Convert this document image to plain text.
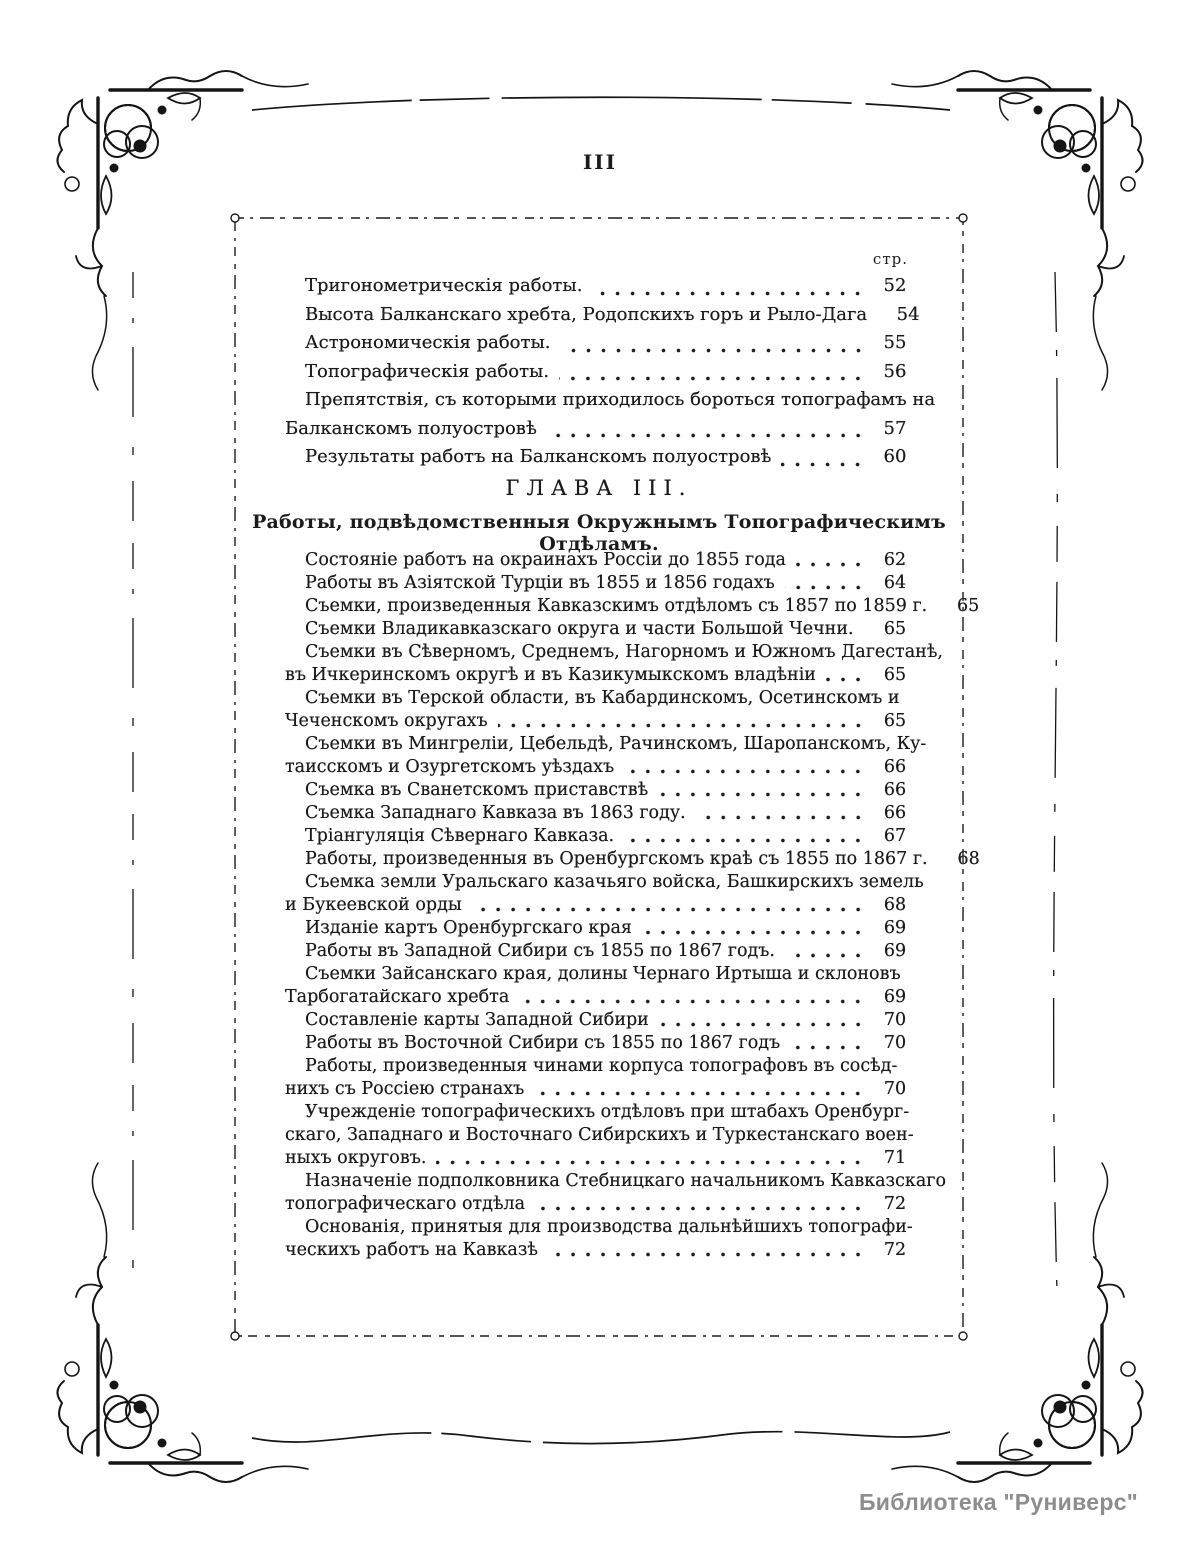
III
стр.
Тригонометрическія работы.	52
Высота Балканскаго хребта, Родопскихъ горъ и Рыло-Дага	54
Астрономическія работы.	55
Топографическія работы.	56
Препятствія, съ которыми приходилось бороться топографамъ на
Балканскомъ полуостровѣ	57
Результаты работъ на Балканскомъ полуостровѣ	60
ГЛАВА III.
Работы, подвѣдомственныя Окружнымъ Топографическимъ Отдѣламъ.
Состояніе работъ на окраинахъ Россіи до 1855 года	62
Работы въ Азіятской Турціи въ 1855 и 1856 годахъ	64
Съемки, произведенныя Кавказскимъ отдѣломъ съ 1857 по 1859 г.	65
Съемки Владикавказскаго округа и части Большой Чечни.	65
Съемки въ Сѣверномъ, Среднемъ, Нагорномъ и Южномъ Дагестанѣ,
въ Ичкеринскомъ округѣ и въ Казикумыкскомъ владѣніи	65
Съемки въ Терской области, въ Кабардинскомъ, Осетинскомъ и
Чеченскомъ округахъ	65
Съемки въ Мингреліи, Цебельдѣ, Рачинскомъ, Шаропанскомъ, Ку-
таисскомъ и Озургетскомъ уѣздахъ	66
Съемка въ Сванетскомъ приставствѣ	66
Съемка Западнаго Кавказа въ 1863 году.	66
Тріангуляція Сѣвернаго Кавказа.	67
Работы, произведенныя въ Оренбургскомъ краѣ съ 1855 по 1867 г.	68
Съемка земли Уральскаго казачьяго войска, Башкирскихъ земель
и Букеевской орды	68
Изданіе картъ Оренбургскаго края	69
Работы въ Западной Сибири съ 1855 по 1867 годъ.	69
Съемки Зайсанскаго края, долины Чернаго Иртыша и склоновъ
Тарбогатайскаго хребта	69
Составленіе карты Западной Сибири	70
Работы въ Восточной Сибири съ 1855 по 1867 годъ	70
Работы, произведенныя чинами корпуса топографовъ въ сосѣд-
нихъ съ Россіею странахъ	70
Учрежденіе топографическихъ отдѣловъ при штабахъ Оренбург-
скаго, Западнаго и Восточнаго Сибирскихъ и Туркестанскаго воен-
ныхъ округовъ.	71
Назначеніе подполковника Стебницкаго начальникомъ Кавказскаго
топографическаго отдѣла	72
Основанія, принятыя для производства дальнѣйшихъ топографи-
ческихъ работъ на Кавказѣ	72
Библиотека "Руниверс"
